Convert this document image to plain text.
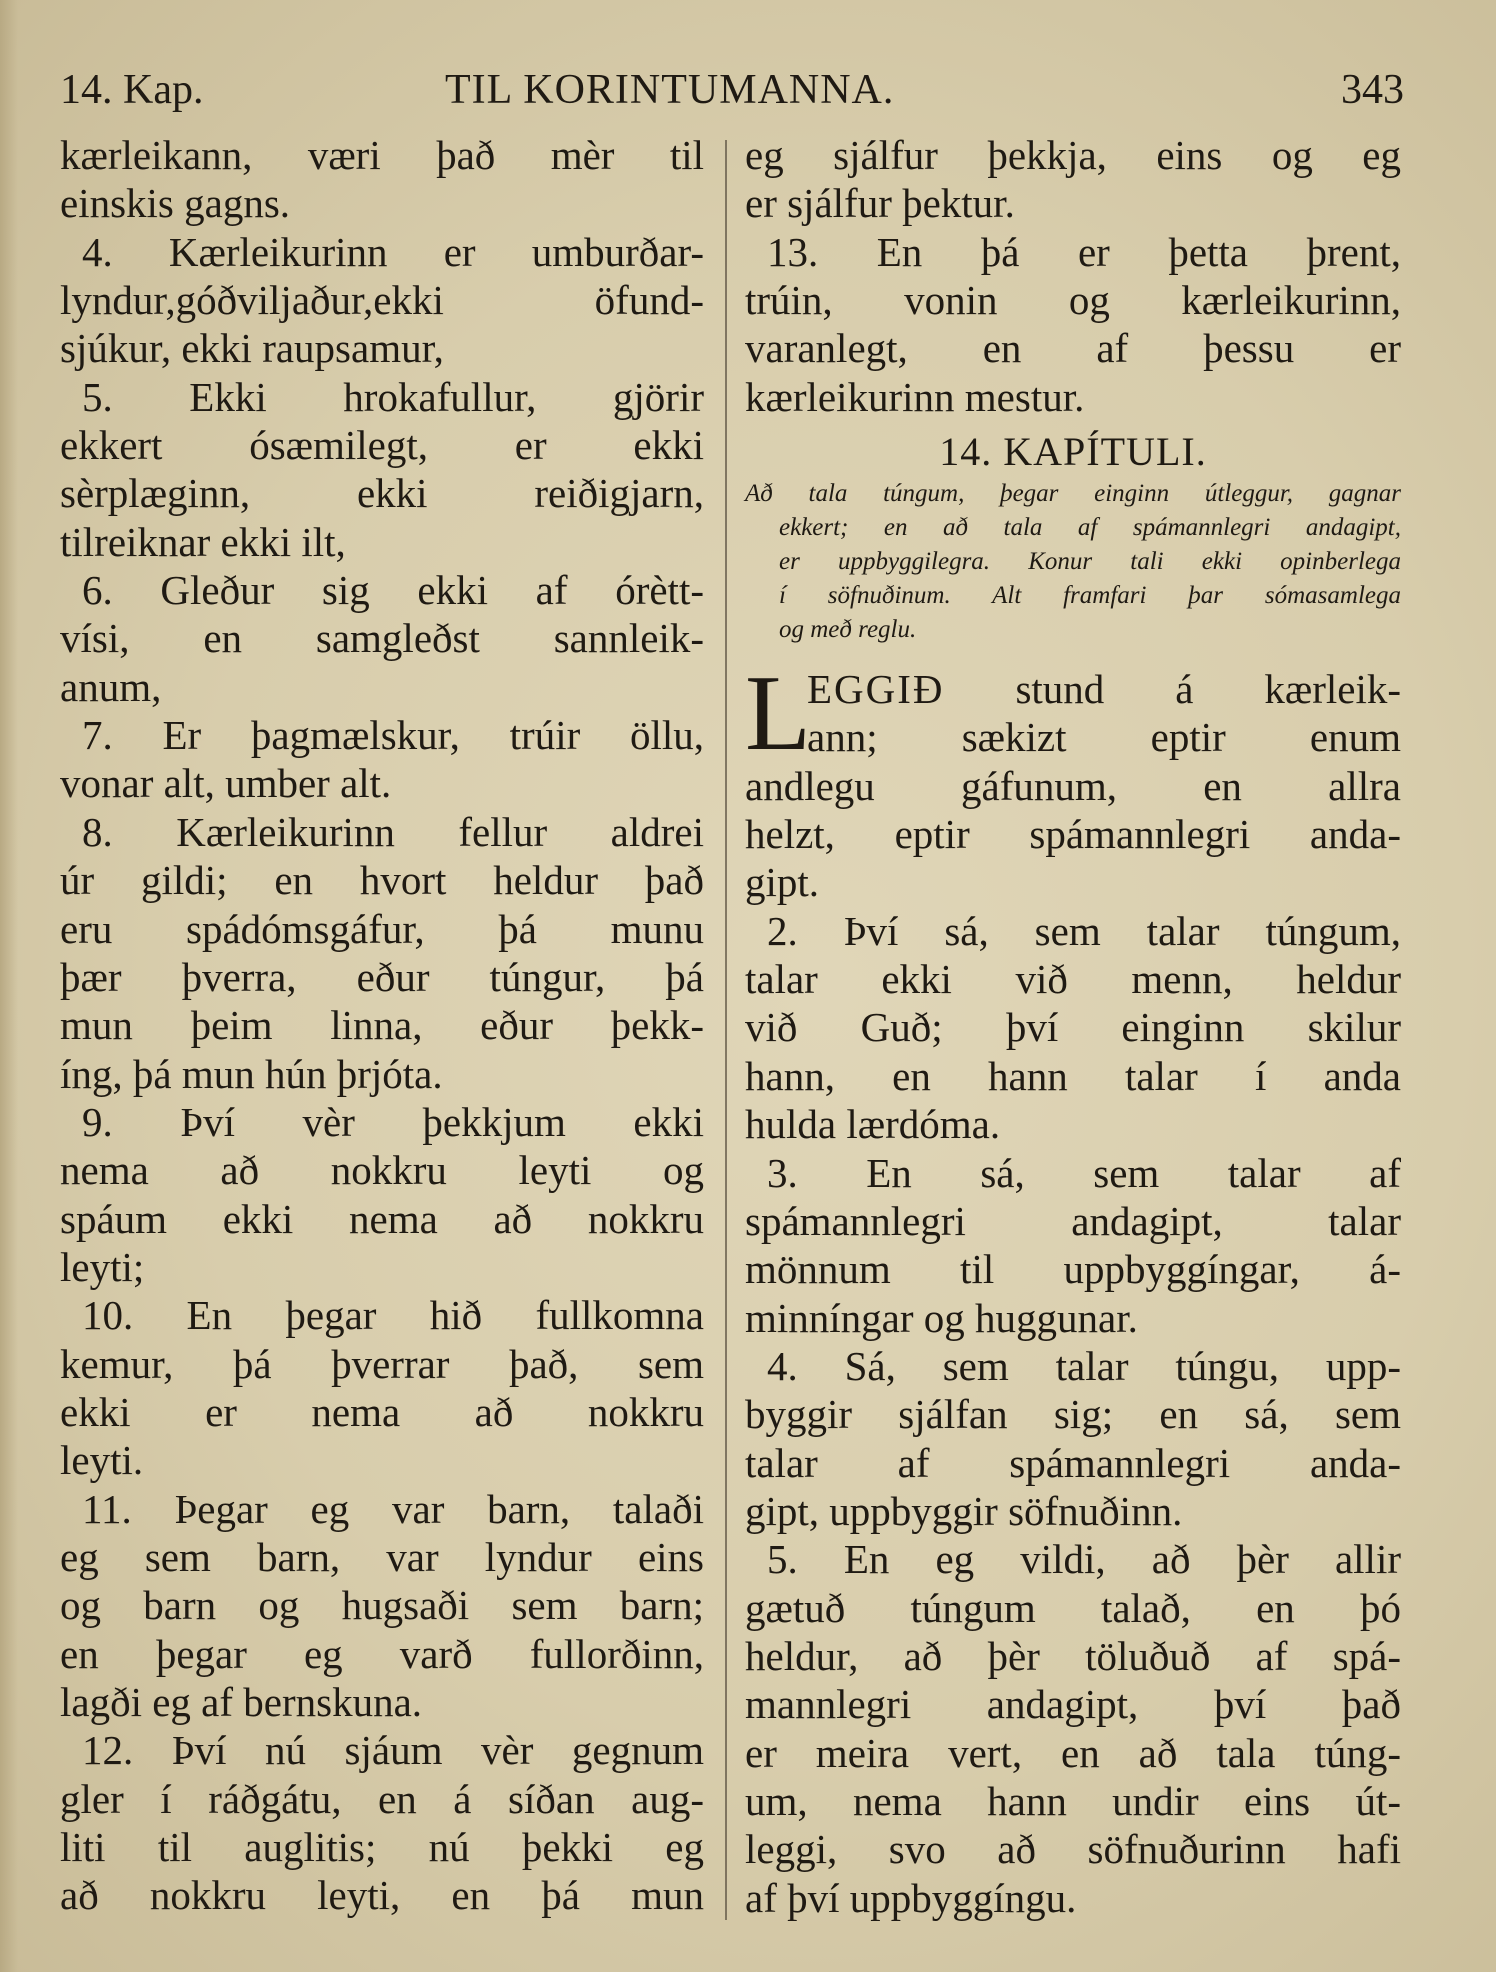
14. Kap.	TIL KORINTUMANNA.	343
kærleikann, væri það mèr til
einskis gagns.
4. Kærleikurinn er umburðar-
lyndur,góðviljaður,ekki öfund-
sjúkur, ekki raupsamur,
5. Ekki hrokafullur, gjörir
ekkert ósæmilegt, er ekki
sèrplæginn, ekki reiðigjarn,
tilreiknar ekki ilt,
6. Gleður sig ekki af órètt-
vísi, en samgleðst sannleik-
anum,
7. Er þagmælskur, trúir öllu,
vonar alt, umber alt.
8. Kærleikurinn fellur aldrei
úr gildi; en hvort heldur það
eru spádómsgáfur, þá munu
þær þverra, eður túngur, þá
mun þeim linna, eður þekk-
íng, þá mun hún þrjóta.
9. Því vèr þekkjum ekki
nema að nokkru leyti og
spáum ekki nema að nokkru
leyti;
10. En þegar hið fullkomna
kemur, þá þverrar það, sem
ekki er nema að nokkru
leyti.
11. Þegar eg var barn, talaði
eg sem barn, var lyndur eins
og barn og hugsaði sem barn;
en þegar eg varð fullorðinn,
lagði eg af bernskuna.
12. Því nú sjáum vèr gegnum
gler í ráðgátu, en á síðan aug-
liti til auglitis; nú þekki eg
að nokkru leyti, en þá mun
eg sjálfur þekkja, eins og eg
er sjálfur þektur.
13. En þá er þetta þrent,
trúin, vonin og kærleikurinn,
varanlegt, en af þessu er
kærleikurinn mestur.
14. KAPÍTULI.
Að tala túngum, þegar einginn útleggur, gagnar
ekkert; en að tala af spámannlegri andagipt,
er uppbyggilegra. Konur tali ekki opinberlega
í söfnuðinum. Alt framfari þar sómasamlega
og með reglu.
L
EGGIÐ stund á kærleik-
ann; sækizt eptir enum
andlegu gáfunum, en allra
helzt, eptir spámannlegri anda-
gipt.
2. Því sá, sem talar túngum,
talar ekki við menn, heldur
við Guð; því einginn skilur
hann, en hann talar í anda
hulda lærdóma.
3. En sá, sem talar af
spámannlegri andagipt, talar
mönnum til uppbyggíngar, á-
minníngar og huggunar.
4. Sá, sem talar túngu, upp-
byggir sjálfan sig; en sá, sem
talar af spámannlegri anda-
gipt, uppbyggir söfnuðinn.
5. En eg vildi, að þèr allir
gætuð túngum talað, en þó
heldur, að þèr töluðuð af spá-
mannlegri andagipt, því það
er meira vert, en að tala túng-
um, nema hann undir eins út-
leggi, svo að söfnuðurinn hafi
af því uppbyggíngu.
